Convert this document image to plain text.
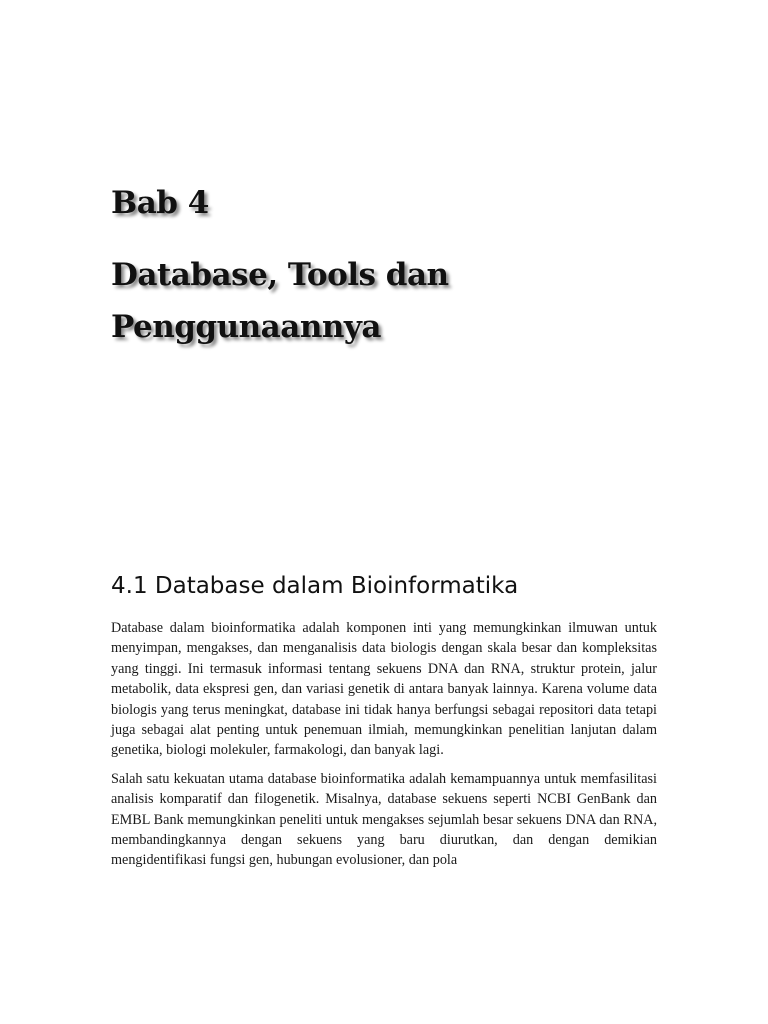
Bab 4
Database, Tools dan Penggunaannya
4.1 Database dalam Bioinformatika

Database dalam bioinformatika adalah komponen inti yang memungkinkan ilmuwan untuk menyimpan, mengakses, dan menganalisis data biologis dengan skala besar dan kompleksitas yang tinggi. Ini termasuk informasi tentang sekuens DNA dan RNA, struktur protein, jalur metabolik, data ekspresi gen, dan variasi genetik di antara banyak lainnya. Karena volume data biologis yang terus meningkat, database ini tidak hanya berfungsi sebagai repositori data tetapi juga sebagai alat penting untuk penemuan ilmiah, memungkinkan penelitian lanjutan dalam genetika, biologi molekuler, farmakologi, dan banyak lagi.

Salah satu kekuatan utama database bioinformatika adalah kemampuannya untuk memfasilitasi analisis komparatif dan filogenetik. Misalnya, database sekuens seperti NCBI GenBank dan EMBL Bank memungkinkan peneliti untuk mengakses sejumlah besar sekuens DNA dan RNA, membandingkannya dengan sekuens yang baru diurutkan, dan dengan demikian mengidentifikasi fungsi gen, hubungan evolusioner, dan pola
